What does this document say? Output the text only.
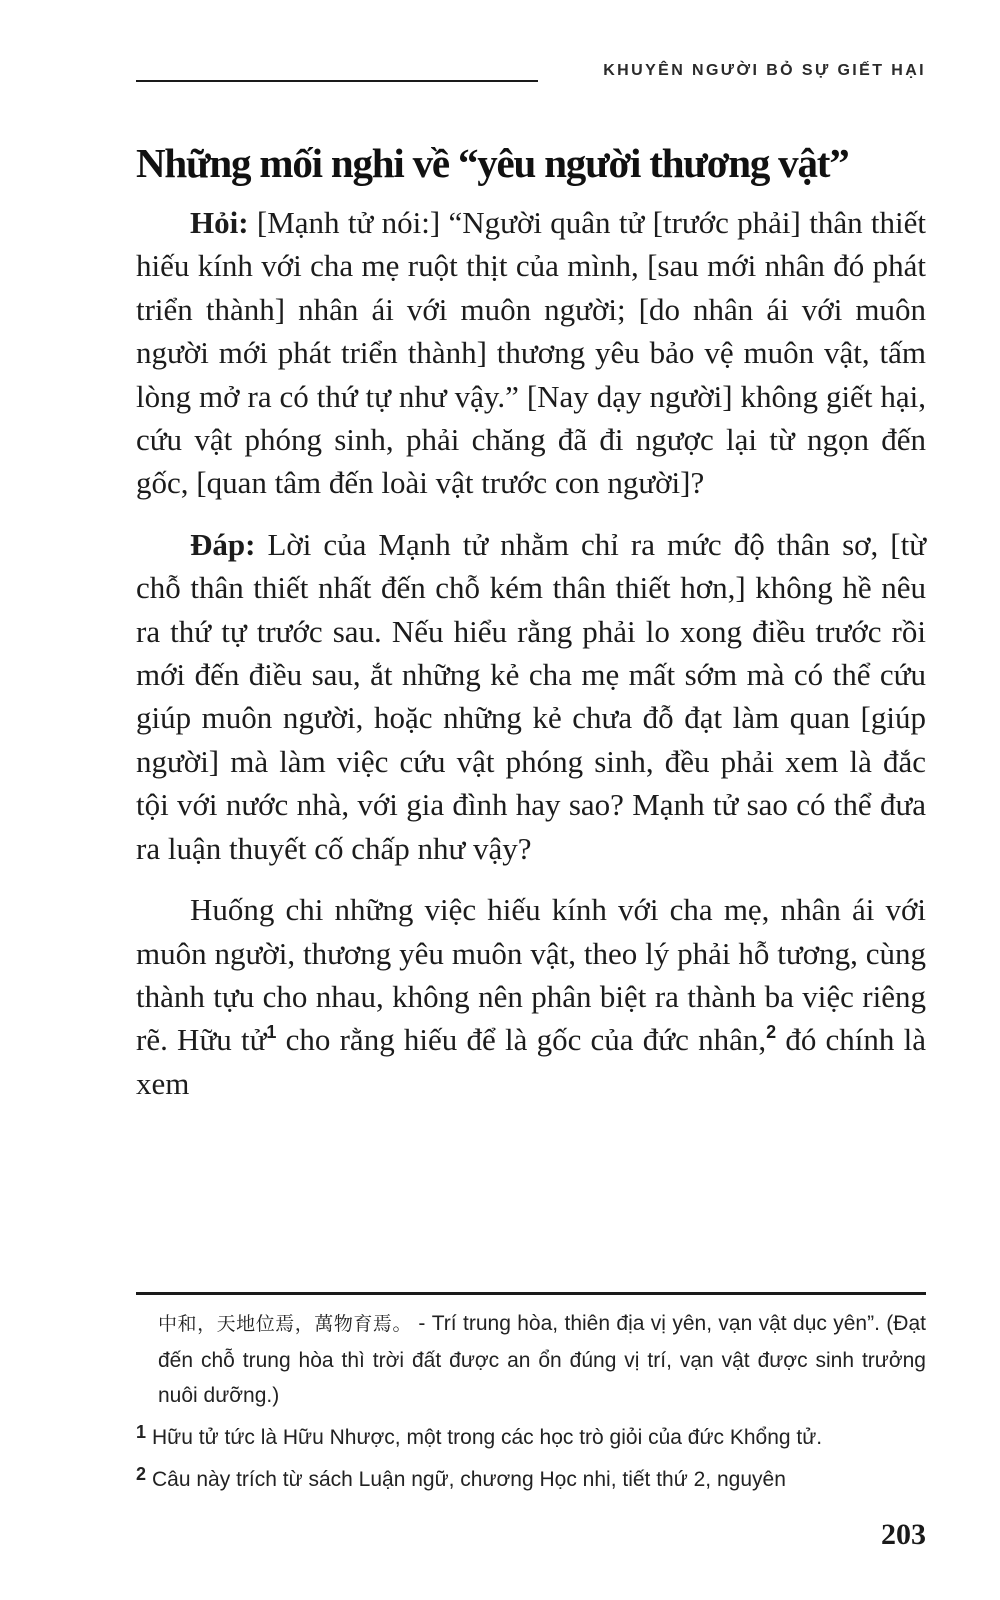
KHUYÊN NGƯỜI BỎ SỰ GIẾT HẠI
Những mối nghi về “yêu người thương vật”

Hỏi: [Mạnh tử nói:] “Người quân tử [trước phải] thân thiết hiếu kính với cha mẹ ruột thịt của mình, [sau mới nhân đó phát triển thành] nhân ái với muôn người; [do nhân ái với muôn người mới phát triển thành] thương yêu bảo vệ muôn vật, tấm lòng mở ra có thứ tự như vậy.” [Nay dạy người] không giết hại, cứu vật phóng sinh, phải chăng đã đi ngược lại từ ngọn đến gốc, [quan tâm đến loài vật trước con người]?

Đáp: Lời của Mạnh tử nhằm chỉ ra mức độ thân sơ, [từ chỗ thân thiết nhất đến chỗ kém thân thiết hơn,] không hề nêu ra thứ tự trước sau. Nếu hiểu rằng phải lo xong điều trước rồi mới đến điều sau, ắt những kẻ cha mẹ mất sớm mà có thể cứu giúp muôn người, hoặc những kẻ chưa đỗ đạt làm quan [giúp người] mà làm việc cứu vật phóng sinh, đều phải xem là đắc tội với nước nhà, với gia đình hay sao? Mạnh tử sao có thể đưa ra luận thuyết cố chấp như vậy?

Huống chi những việc hiếu kính với cha mẹ, nhân ái với muôn người, thương yêu muôn vật, theo lý phải hỗ tương, cùng thành tựu cho nhau, không nên phân biệt ra thành ba việc riêng rẽ. Hữu tử$^1$ cho rằng hiếu để là gốc của đức nhân,$^2$ đó chính là xem

中和，天地位焉，萬物育焉。 - Trí trung hòa, thiên địa vị yên, vạn vật dục yên”. (Đạt đến chỗ trung hòa thì trời đất được an ổn đúng vị trí, vạn vật được sinh trưởng nuôi dưỡng.)

1 Hữu tử tức là Hữu Nhược, một trong các học trò giỏi của đức Khổng tử.

2 Câu này trích từ sách Luận ngữ, chương Học nhi, tiết thứ 2, nguyên

203
